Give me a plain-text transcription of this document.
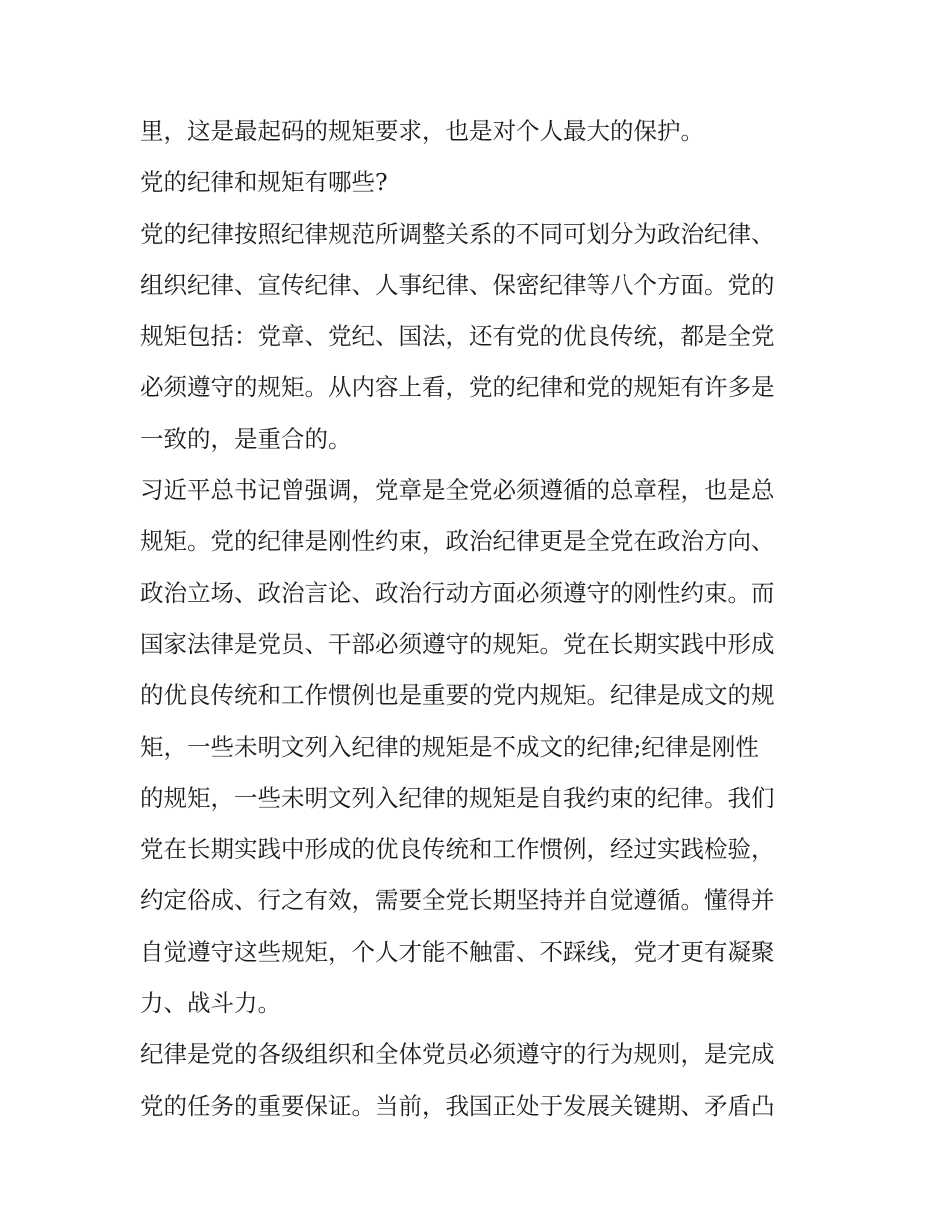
里，这是最起码的规矩要求，也是对个人最大的保护。
党的纪律和规矩有哪些?
党的纪律按照纪律规范所调整关系的不同可划分为政治纪律、
组织纪律、宣传纪律、人事纪律、保密纪律等八个方面。党的
规矩包括：党章、党纪、国法，还有党的优良传统，都是全党
必须遵守的规矩。从内容上看，党的纪律和党的规矩有许多是
一致的，是重合的。
习近平总书记曾强调，党章是全党必须遵循的总章程，也是总
规矩。党的纪律是刚性约束，政治纪律更是全党在政治方向、
政治立场、政治言论、政治行动方面必须遵守的刚性约束。而
国家法律是党员、干部必须遵守的规矩。党在长期实践中形成
的优良传统和工作惯例也是重要的党内规矩。纪律是成文的规
矩，一些未明文列入纪律的规矩是不成文的纪律;纪律是刚性
的规矩，一些未明文列入纪律的规矩是自我约束的纪律。我们
党在长期实践中形成的优良传统和工作惯例，经过实践检验，
约定俗成、行之有效，需要全党长期坚持并自觉遵循。懂得并
自觉遵守这些规矩，个人才能不触雷、不踩线，党才更有凝聚
力、战斗力。
纪律是党的各级组织和全体党员必须遵守的行为规则，是完成
党的任务的重要保证。当前，我国正处于发展关键期、矛盾凸
